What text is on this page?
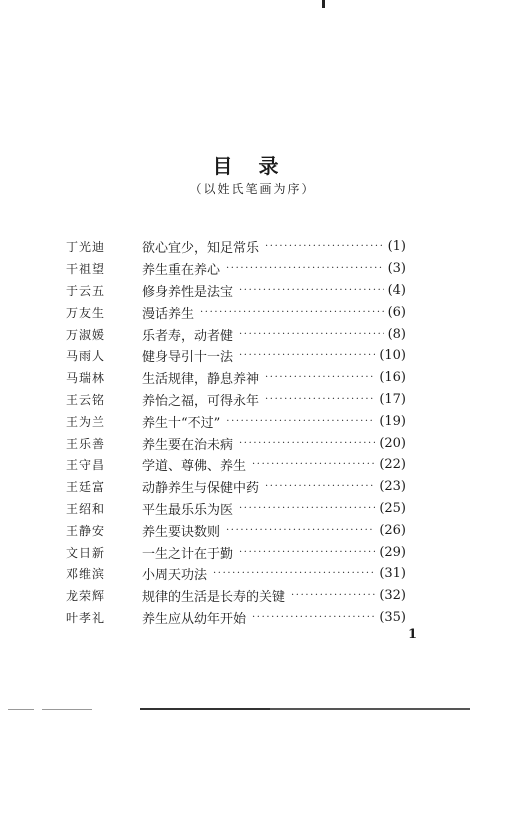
目录
（以姓氏笔画为序）
丁光迪	欲心宜少，知足常乐 ·····	(1)
干祖望	养生重在养心 ·····	(3)
于云五	修身养性是法宝 ·····	(4)
万友生	漫话养生 ·····	(6)
万淑媛	乐者寿，动者健 ·····	(8)
马雨人	健身导引十一法 ·····	(10)
马瑞林	生活规律，静息养神 ·····	(16)
王云铭	养怡之福，可得永年 ·····	(17)
王为兰	养生十“不过” ·····	(19)
王乐善	养生要在治未病 ·····	(20)
王守昌	学道、尊佛、养生 ·····	(22)
王廷富	动静养生与保健中药 ·····	(23)
王绍和	平生最乐乐为医 ·····	(25)
王静安	养生要诀数则 ·····	(26)
文日新	一生之计在于勤 ·····	(29)
邓维滨	小周天功法 ·····	(31)
龙荣辉	规律的生活是长寿的关键 ·····	(32)
叶孝礼	养生应从幼年开始 ·····	(35)
1
